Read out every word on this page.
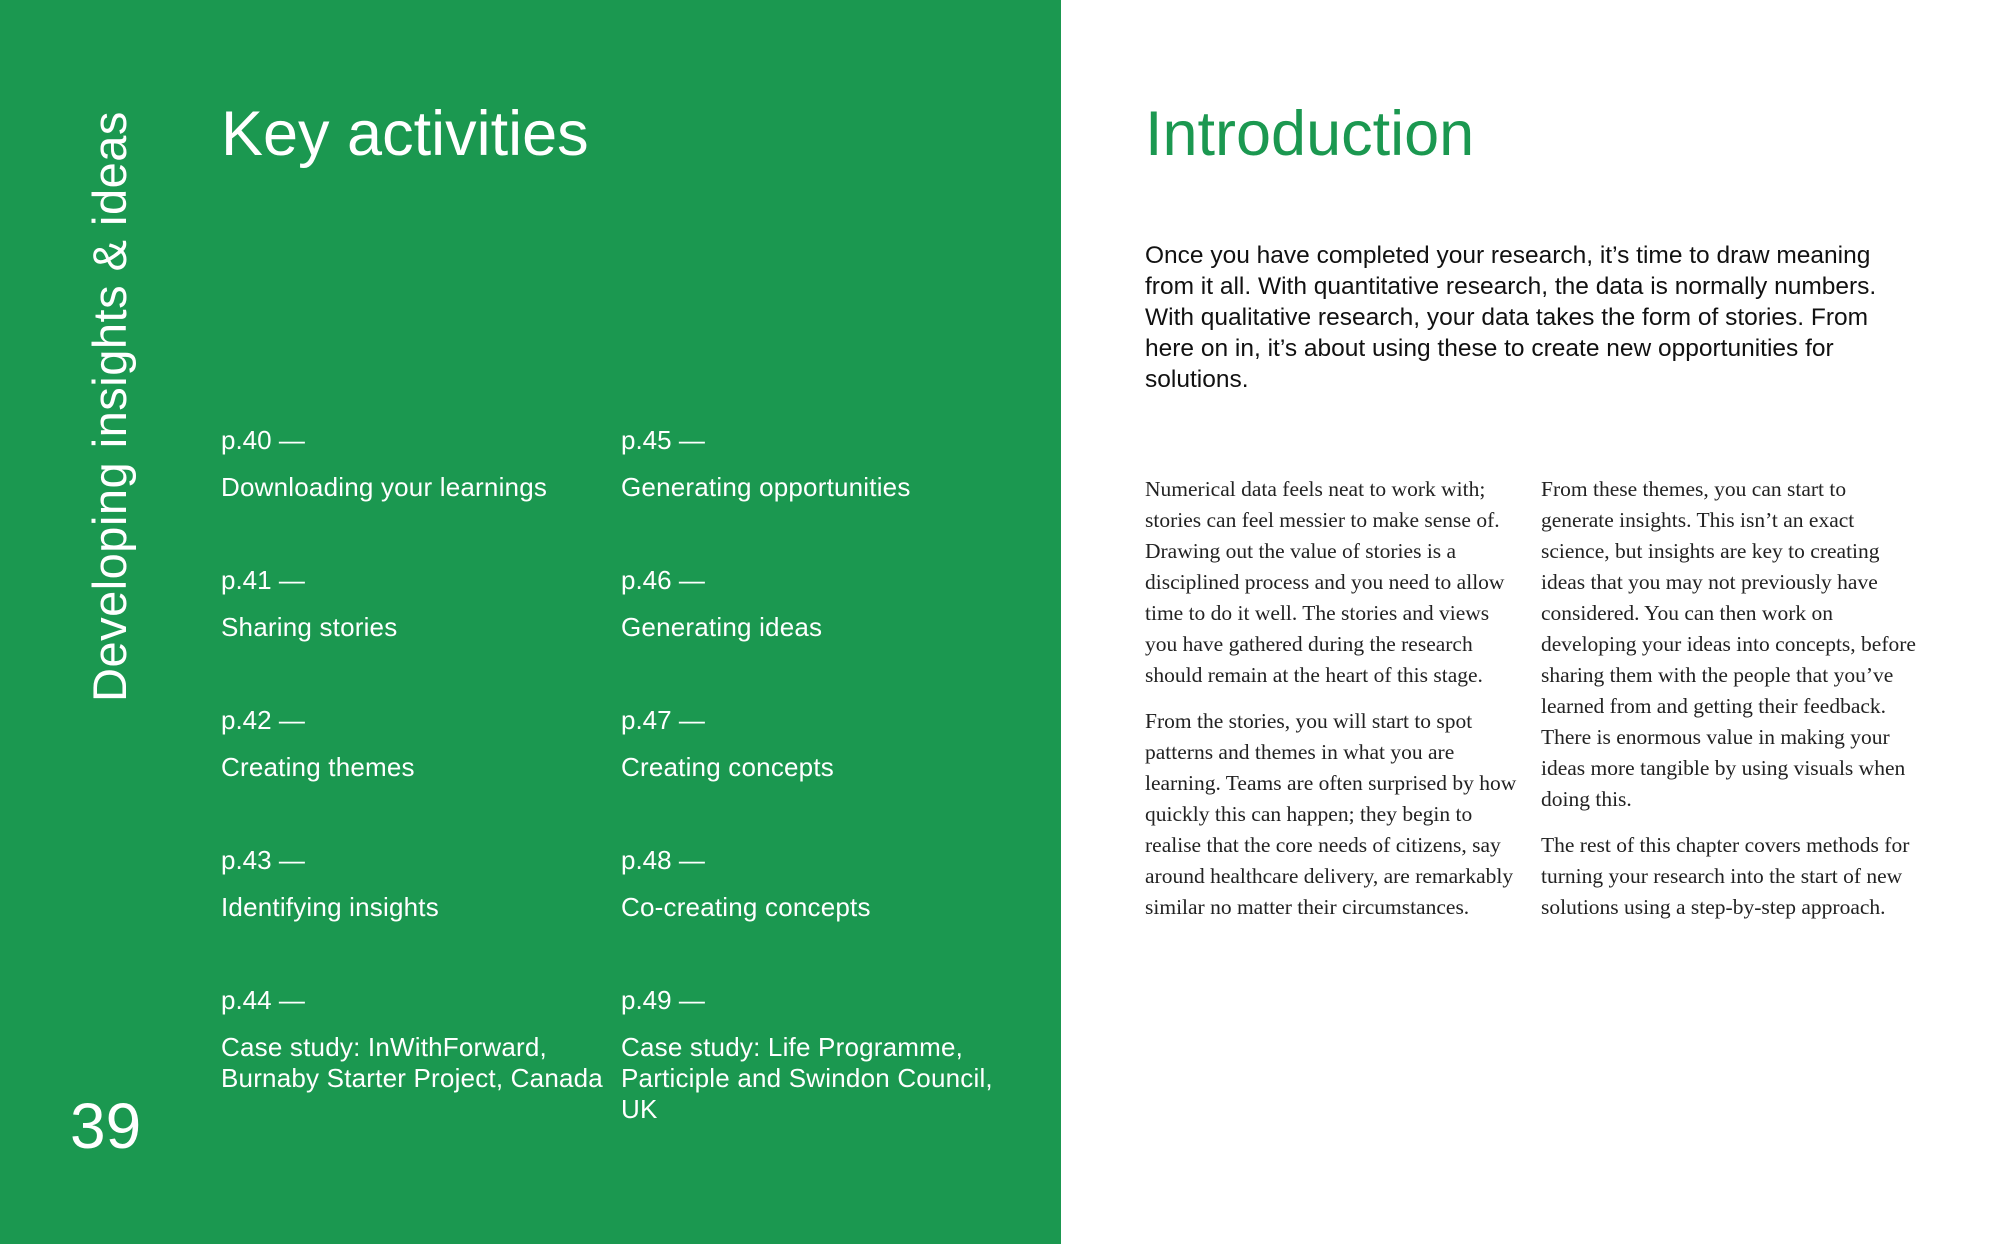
Developing insights & ideas
39
Key activities
p.40 —
Downloading your learnings
p.45 —
Generating opportunities
p.41 —
Sharing stories
p.46 —
Generating ideas
p.42 —
Creating themes
p.47 —
Creating concepts
p.43 —
Identifying insights
p.48 —
Co-creating concepts
p.44 —
Case study: InWithForward, Burnaby Starter Project, Canada
p.49 —
Case study: Life Programme, Participle and Swindon Council, UK
Introduction

Once you have completed your research, it’s time to draw meaning from it all. With quantitative research, the data is normally numbers. With qualitative research, your data takes the form of stories. From here on in, it’s about using these to create new opportunities for solutions.

Numerical data feels neat to work with; stories can feel messier to make sense of. Drawing out the value of stories is a disciplined process and you need to allow time to do it well. The stories and views you have gathered during the research should remain at the heart of this stage.

From the stories, you will start to spot patterns and themes in what you are learning. Teams are often surprised by how quickly this can happen; they begin to realise that the core needs of citizens, say around healthcare delivery, are remarkably similar no matter their circumstances.

From these themes, you can start to generate insights. This isn’t an exact science, but insights are key to creating ideas that you may not previously have considered. You can then work on developing your ideas into concepts, before sharing them with the people that you’ve learned from and getting their feedback. There is enormous value in making your ideas more tangible by using visuals when doing this.

The rest of this chapter covers methods for turning your research into the start of new solutions using a step-by-step approach.
